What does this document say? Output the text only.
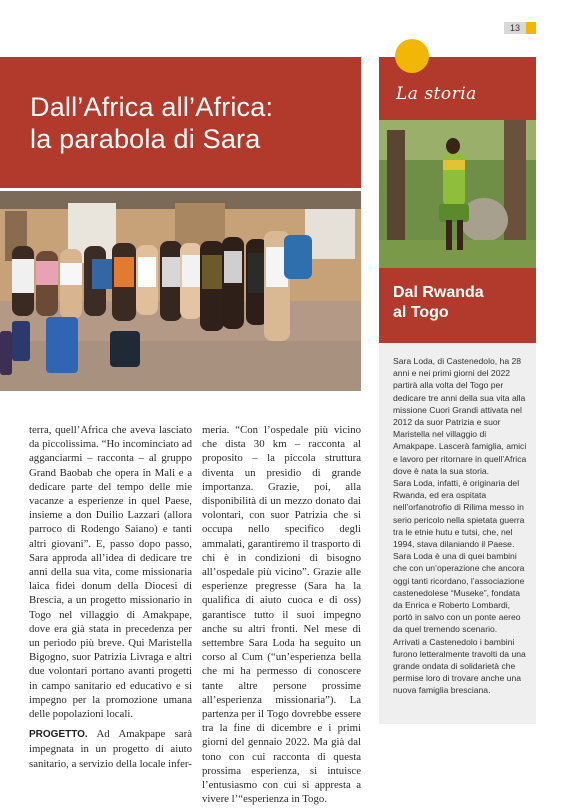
13
Dall’Africa all’Africa:
la parabola di Sara

terra, quell’Africa che aveva lasciato da piccolissima. “Ho incominciato ad agganciarmi – racconta – al gruppo Grand Baobab che opera in Mali e a dedicare parte del tempo delle mie vacanze a esperienze in quel Paese, insieme a don Duilio Lazzari (allora parroco di Rodengo Saiano) e tanti altri giovani”. E, passo dopo passo, Sara approda all’idea di dedicare tre anni della sua vita, come missionaria laica fidei donum della Diocesi di Brescia, a un progetto missionario in Togo nel villaggio di Amakpape, dove era già stata in precedenza per un periodo più breve. Qui Maristella Bigogno, suor Patrizia Livraga e altri due volontari portano avanti progetti in campo sanitario ed educativo e si impegno per la promozione umana delle popolazioni locali.

PROGETTO. Ad Amakpape sarà impegnata in un progetto di aiuto sanitario, a servizio della locale infer-

meria. “Con l’ospedale più vicino che dista 30 km – racconta al proposito – la piccola struttura diventa un presidio di grande importanza. Grazie, poi, alla disponibilità di un mezzo donato dai volontari, con suor Patrizia che si occupa nello specifico degli ammalati, garantiremo il trasporto di chi è in condizioni di bisogno all’ospedale più vicino”. Grazie alle esperienze pregresse (Sara ha la qualifica di aiuto cuoca e di oss) garantisce tutto il suoi impegno anche su altri fronti. Nel mese di settembre Sara Loda ha seguito un corso al Cum (“un’esperienza bella che mi ha permesso di conoscere tante altre persone prossime all’esperienza missionaria”). La partenza per il Togo dovrebbe essere tra la fine di dicembre e i primi giorni del gennaio 2022. Ma già dal tono con cui racconta di questa prossima esperienza, si intuisce l’entusiasmo con cui si appresta a vivere l’“esperienza in Togo.

La storia
Dal Rwanda
al Togo

Sara Loda, di Castenedolo, ha 28 anni e nei primi giorni del 2022 partirà alla volta del Togo per dedicare tre anni della sua vita alla missione Cuori Grandi attivata nel 2012 da suor Patrizia e suor Maristella nel villaggio di Amakpape. Lascerà famiglia, amici e lavoro per ritornare in quell’Africa dove è nata la sua storia.

Sara Loda, infatti, è originaria del Rwanda, ed era ospitata nell’orfanotrofio di Rilima messo in serio pericolo nella spietata guerra tra le etnie hutu e tutsi, che, nel 1994, stava dilaniando il Paese.

Sara Loda è una di quei bambini che con un’operazione che ancora oggi tanti ricordano, l’associazione castenedolese “Museke”, fondata da Enrica e Roberto Lombardi, portò in salvo con un ponte aereo da quel tremendo scenario.

Arrivati a Castenedolo i bambini furono letteralmente travolti da una grande ondata di solidarietà che permise loro di trovare anche una nuova famiglia bresciana.
